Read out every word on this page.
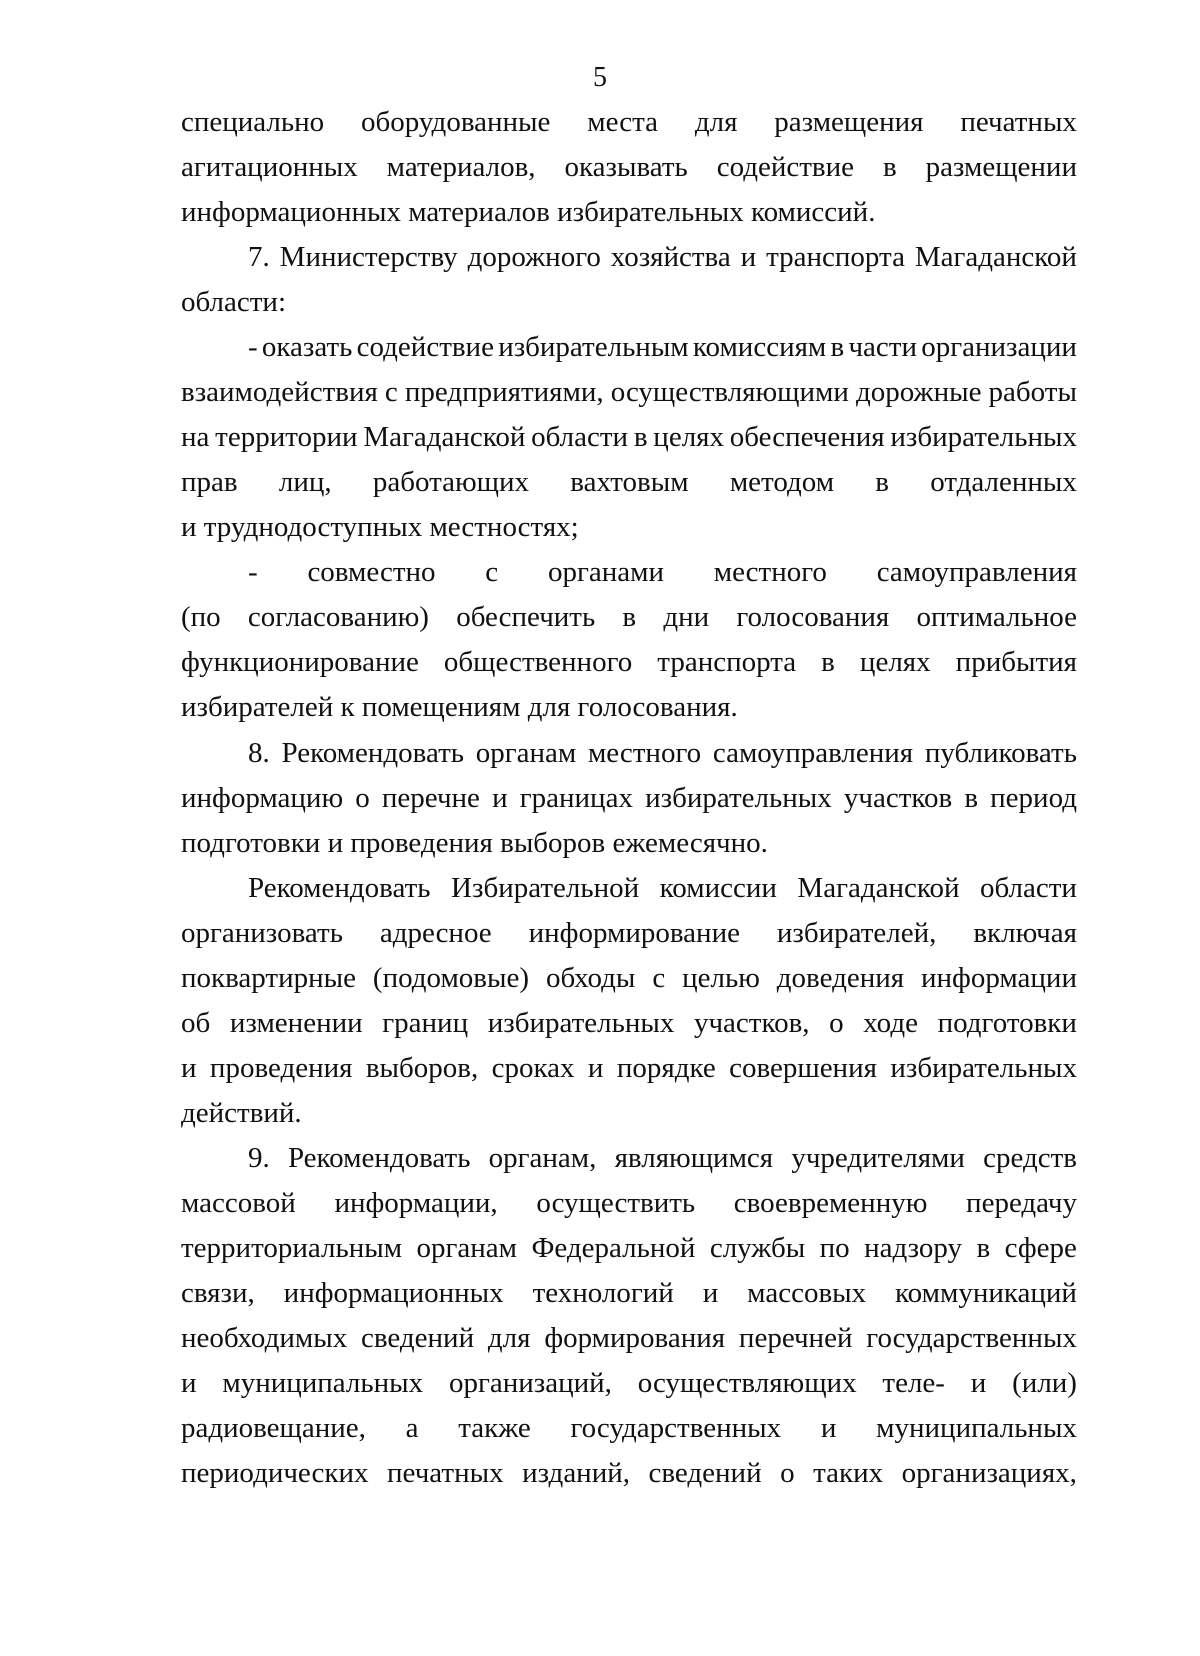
5
специально оборудованные места для размещения печатных
агитационных материалов, оказывать содействие в размещении
информационных материалов избирательных комиссий.
7. Министерству дорожного хозяйства и транспорта Магаданской
области:
- оказать содействие избирательным комиссиям в части организации
взаимодействия с предприятиями, осуществляющими дорожные работы
на территории Магаданской области в целях обеспечения избирательных
прав лиц, работающих вахтовым методом в отдаленных
и труднодоступных местностях;
- совместно с органами местного самоуправления
(по согласованию) обеспечить в дни голосования оптимальное
функционирование общественного транспорта в целях прибытия
избирателей к помещениям для голосования.
8. Рекомендовать органам местного самоуправления публиковать
информацию о перечне и границах избирательных участков в период
подготовки и проведения выборов ежемесячно.
Рекомендовать Избирательной комиссии Магаданской области
организовать адресное информирование избирателей, включая
поквартирные (подомовые) обходы с целью доведения информации
об изменении границ избирательных участков, о ходе подготовки
и проведения выборов, сроках и порядке совершения избирательных
действий.
9. Рекомендовать органам, являющимся учредителями средств
массовой информации, осуществить своевременную передачу
территориальным органам Федеральной службы по надзору в сфере
связи, информационных технологий и массовых коммуникаций
необходимых сведений для формирования перечней государственных
и муниципальных организаций, осуществляющих теле- и (или)
радиовещание, а также государственных и муниципальных
периодических печатных изданий, сведений о таких организациях,
